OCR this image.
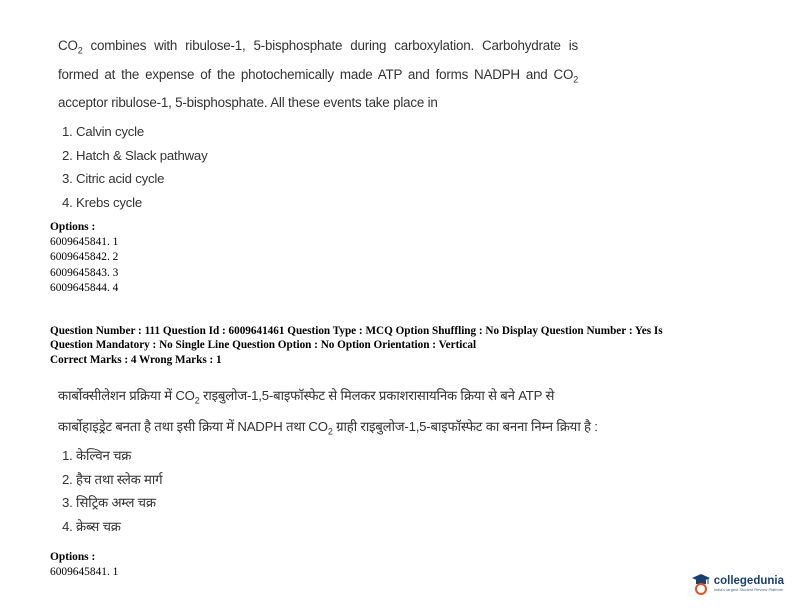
$CO_2$ combines with ribulose-1, 5-bisphosphate during carboxylation. Carbohydrate is formed at the expense of the photochemically made ATP and forms NADPH and $CO_2$ acceptor ribulose-1, 5-bisphosphate. All these events take place in
1. Calvin cycle
2. Hatch & Slack pathway
3. Citric acid cycle
4. Krebs cycle
Options :
6009645841. 1
6009645842. 2
6009645843. 3
6009645844. 4
Question Number : 111 Question Id : 6009641461 Question Type : MCQ Option Shuffling : No Display Question Number : Yes Is
Question Mandatory : No Single Line Question Option : No Option Orientation : Vertical
Correct Marks : 4 Wrong Marks : 1
कार्बोक्सीलेशन प्रक्रिया में $CO_2$ राइबुलोज-1,5-बाइफॉस्फेट से मिलकर प्रकाशरासायनिक क्रिया से बने ATP से
कार्बोहाइड्रेट बनता है तथा इसी क्रिया में NADPH तथा $CO_2$ ग्राही राइबुलोज-1,5-बाइफॉस्फेट का बनना निम्न क्रिया है :
1. केल्विन चक्र
2. हैच तथा स्लेक मार्ग
3. सिट्रिक अम्ल चक्र
4. क्रेब्स चक्र
Options :
6009645841. 1
collegedunia
India's largest Student Review Platform
